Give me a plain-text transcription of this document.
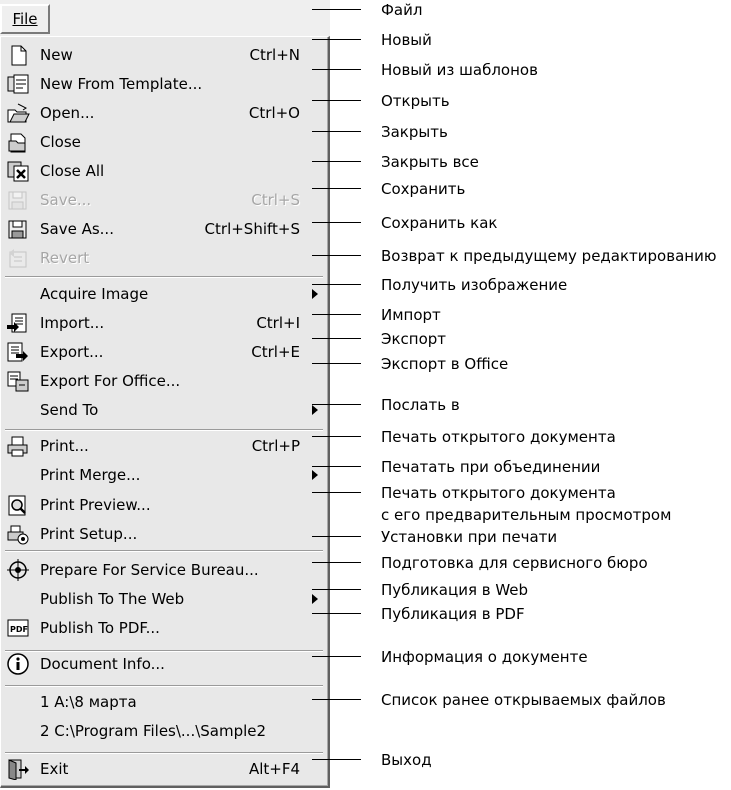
File
New	Ctrl+N
New From Template...
Open...	Ctrl+O
Close
Close All
Save...	Ctrl+S
Save As...	Ctrl+Shift+S
Revert
Acquire Image
Import...	Ctrl+I
Export...	Ctrl+E
Export For Office...
Send To
Print...	Ctrl+P
Print Merge...
Print Preview...
Print Setup...
Prepare For Service Bureau...
Publish To The Web
PDF Publish To PDF...
Document Info...
1 A:\8 марта
2 C:\Program Files\...\Sample2
Exit	Alt+F4
Файл
Новый
Новый из шаблонов
Открыть
Закрыть
Закрыть все
Сохранить
Сохранить как
Возврат к предыдущему редактированию
Получить изображение
Импорт
Экспорт
Экспорт в Office
Послать в
Печать открытого документа
Печатать при объединении
Печать открытого документа
с его предварительным просмотром
Установки при печати
Подготовка для сервисного бюро
Публикация в Web
Публикация в PDF
Информация о документе
Список ранее открываемых файлов
Выход
